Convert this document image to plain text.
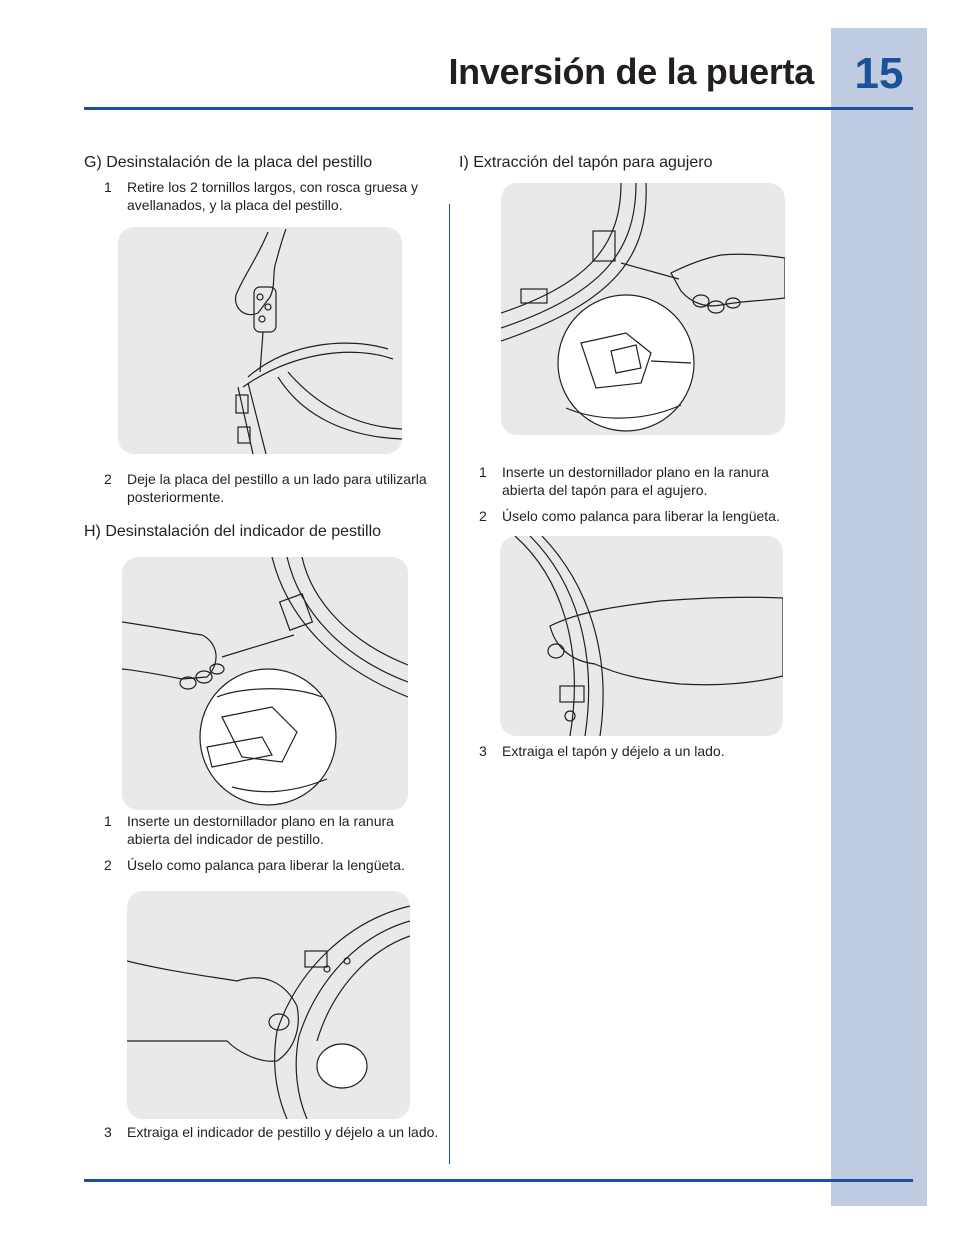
15
Inversión de la puerta
G) Desinstalación de la placa del pestillo
1 Retire los 2 tornillos largos, con rosca gruesa y avellanados, y la placa del pestillo.
2 Deje la placa del pestillo a un lado para utilizarla posteriormente.
H) Desinstalación del indicador de pestillo
1 Inserte un destornillador plano en la ranura abierta del indicador de pestillo.
2 Úselo como palanca para liberar la lengüeta.
3 Extraiga el indicador de pestillo y déjelo a un lado.
I) Extracción del tapón para agujero
1 Inserte un destornillador plano en la ranura abierta del tapón para el agujero.
2 Úselo como palanca para liberar la lengüeta.
3 Extraiga el tapón y déjelo a un lado.
